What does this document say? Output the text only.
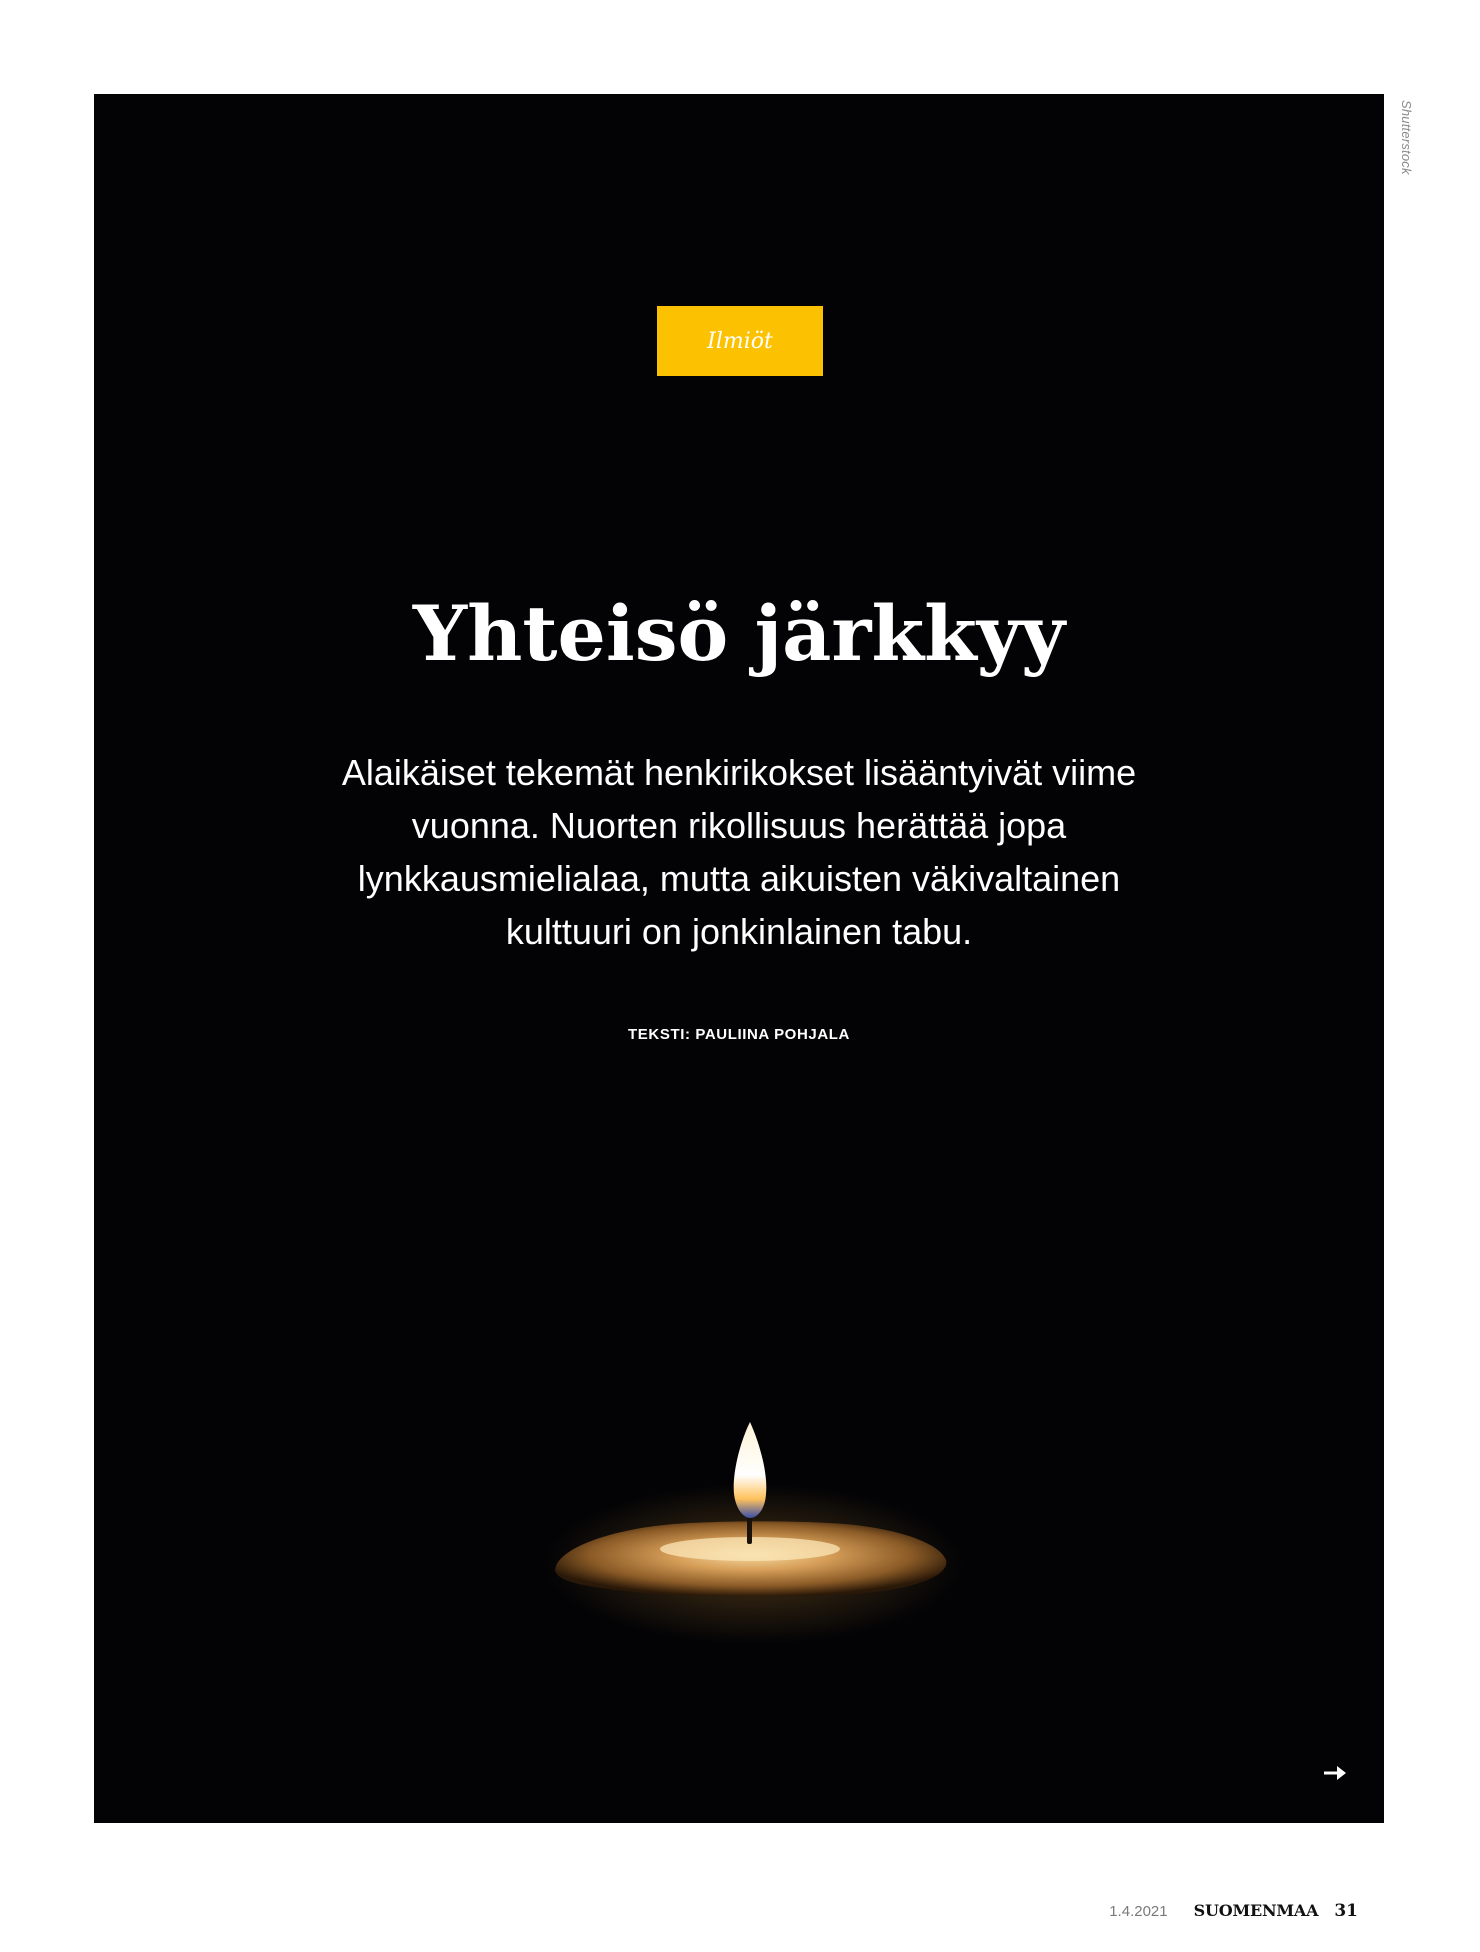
Ilmiöt
Yhteisö järkkyy

Alaikäiset tekemät henkirikokset lisääntyivät viime vuonna. Nuorten rikollisuus herättää jopa lynkkausmielialaa, mutta aikuisten väkivaltainen kulttuuri on jonkinlainen tabu.

TEKSTI: PAULIINA POHJALA
Shutterstock
1.4.2021 SUOMENMAA 31
